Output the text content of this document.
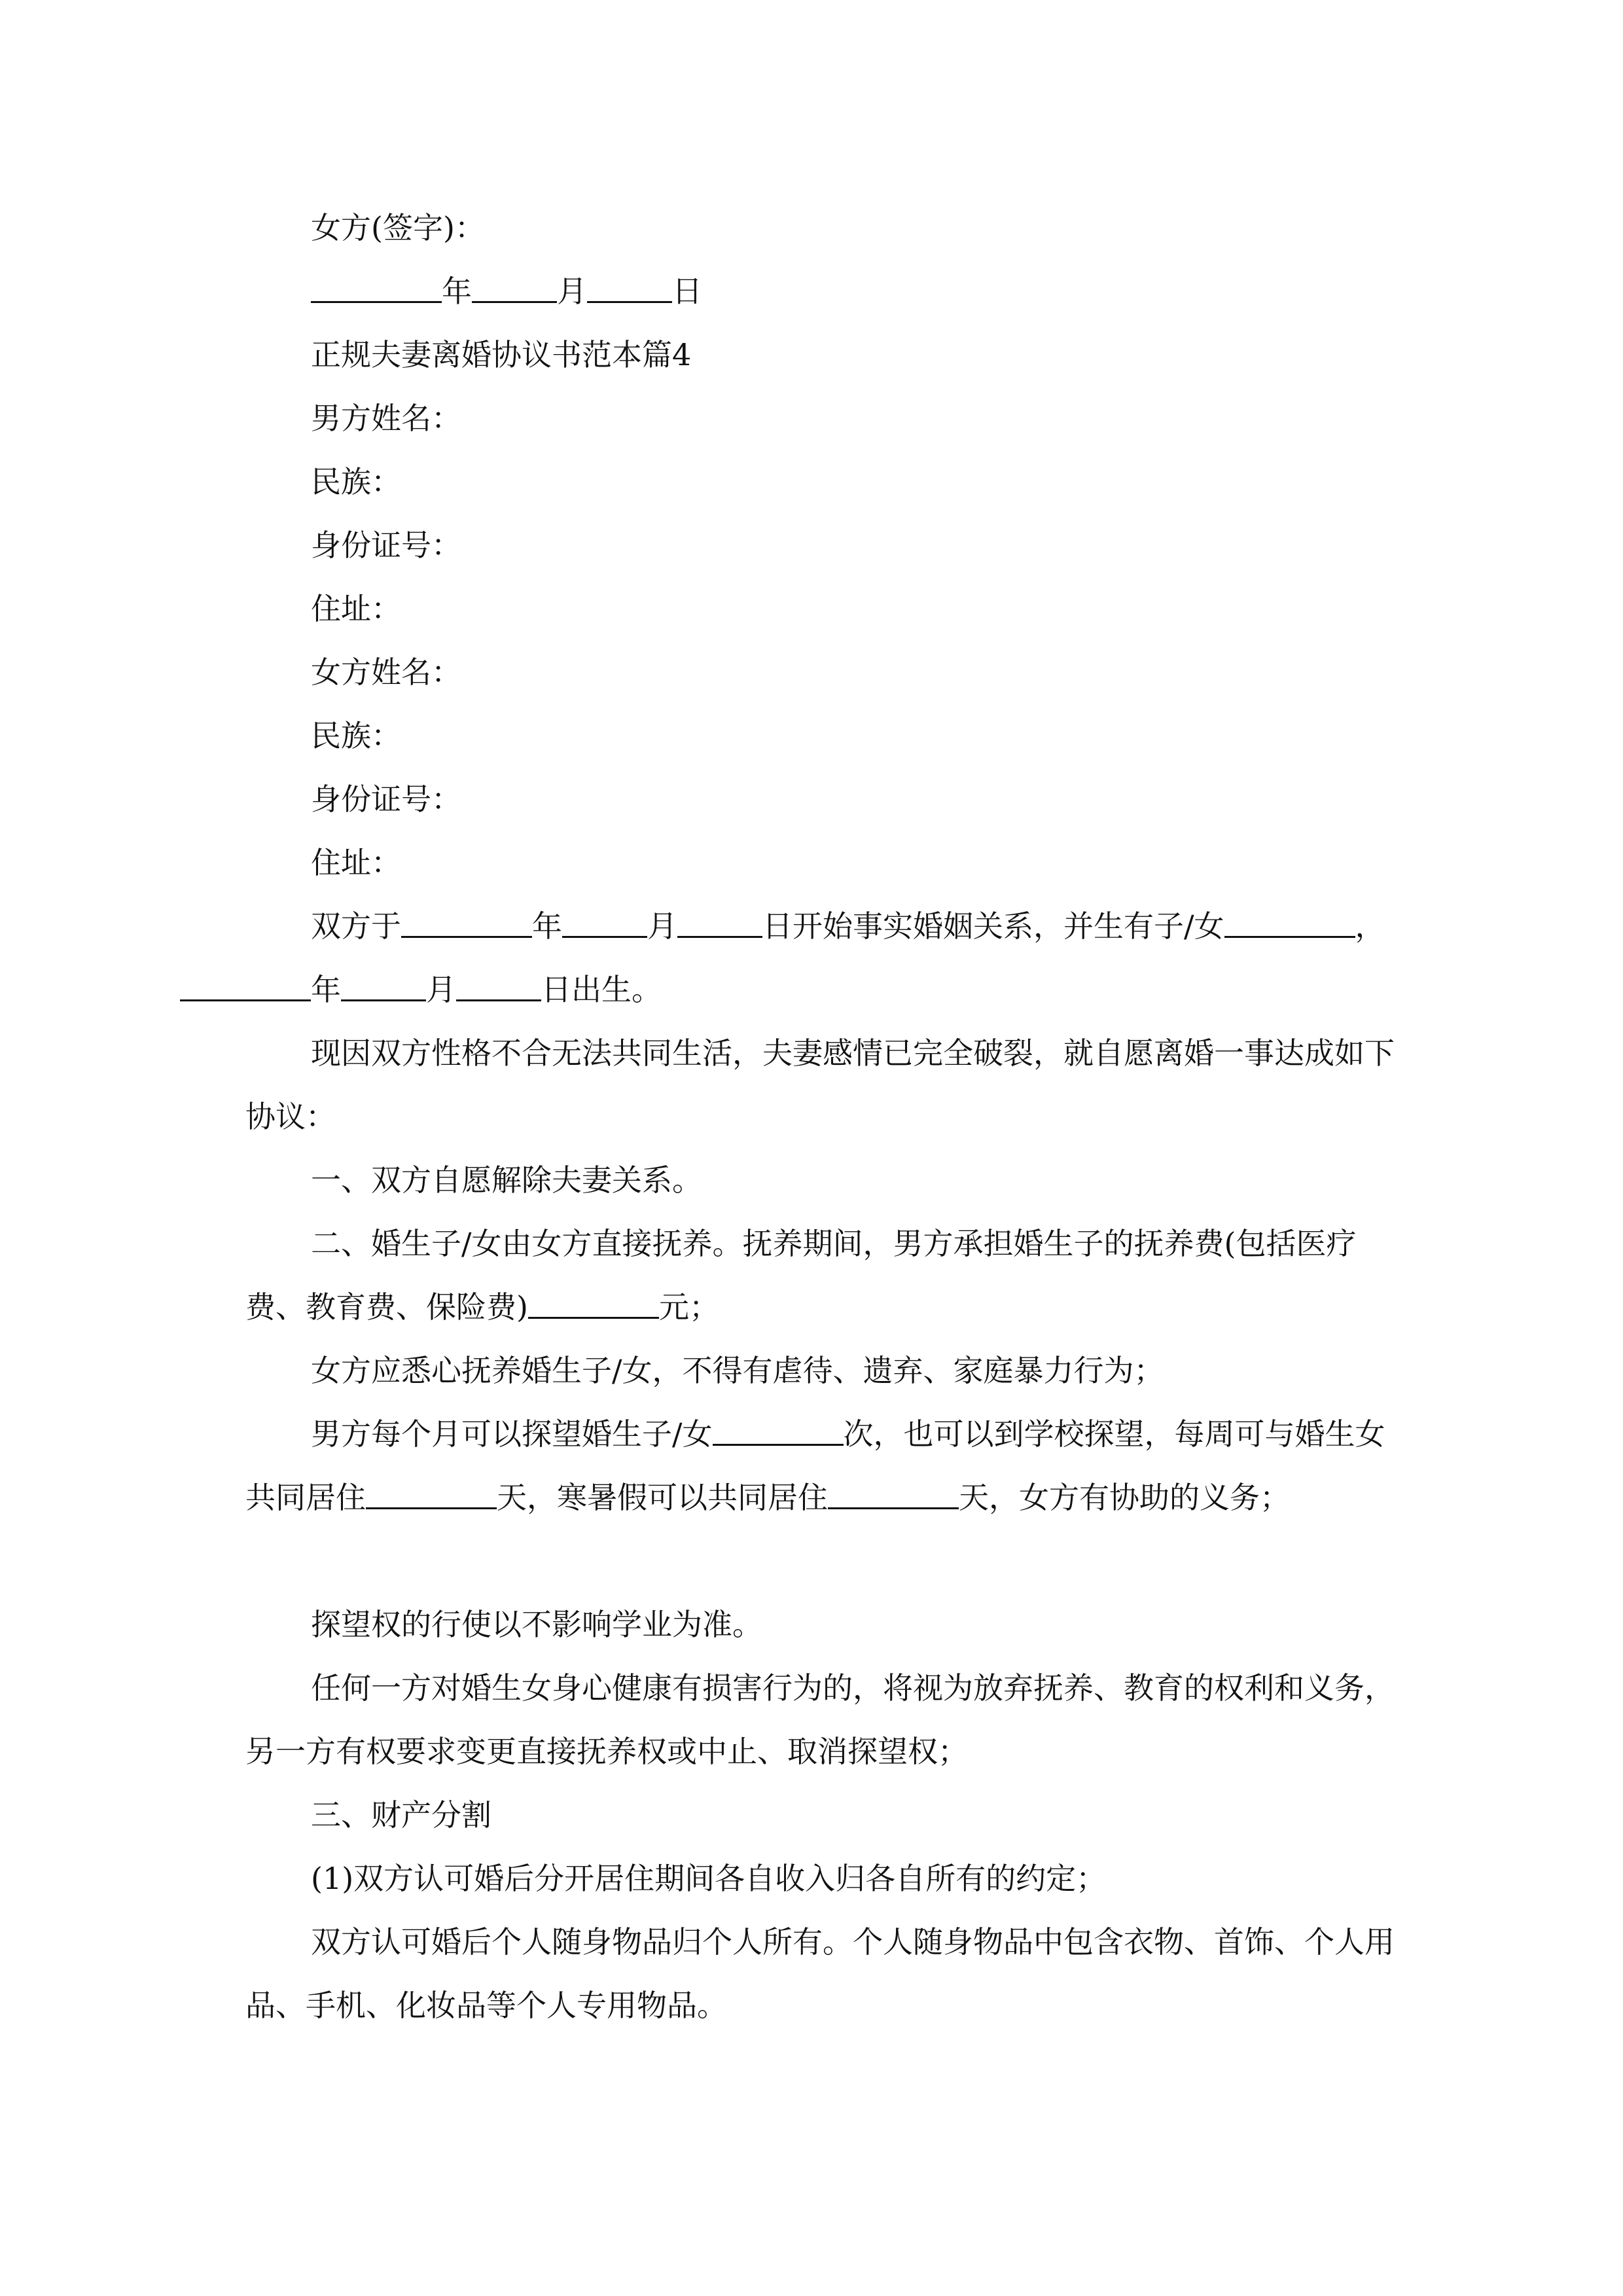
女方(签字)：

年	月	日

正规夫妻离婚协议书范本篇4

男方姓名：

民族：

身份证号：

住址：

女方姓名：

民族：

身份证号：

住址：

双方于	年	月	日开始事实婚姻关系，并生有子/女	，
年	月	日出生。

现因双方性格不合无法共同生活，夫妻感情已完全破裂，就自愿离婚一事达成如下协议：

一、双方自愿解除夫妻关系。

二、婚生子/女由女方直接抚养。抚养期间，男方承担婚生子的抚养费(包括医疗费、教育费、保险费)	元；

女方应悉心抚养婚生子/女，不得有虐待、遗弃、家庭暴力行为；

男方每个月可以探望婚生子/女	次，也可以到学校探望，每周可与婚生女共同居住	天，寒暑假可以共同居住	天，女方有协助的义务；

探望权的行使以不影响学业为准。

任何一方对婚生女身心健康有损害行为的，将视为放弃抚养、教育的权利和义务，另一方有权要求变更直接抚养权或中止、取消探望权；

三、财产分割

(1)双方认可婚后分开居住期间各自收入归各自所有的约定；

双方认可婚后个人随身物品归个人所有。个人随身物品中包含衣物、首饰、个人用品、手机、化妆品等个人专用物品。
